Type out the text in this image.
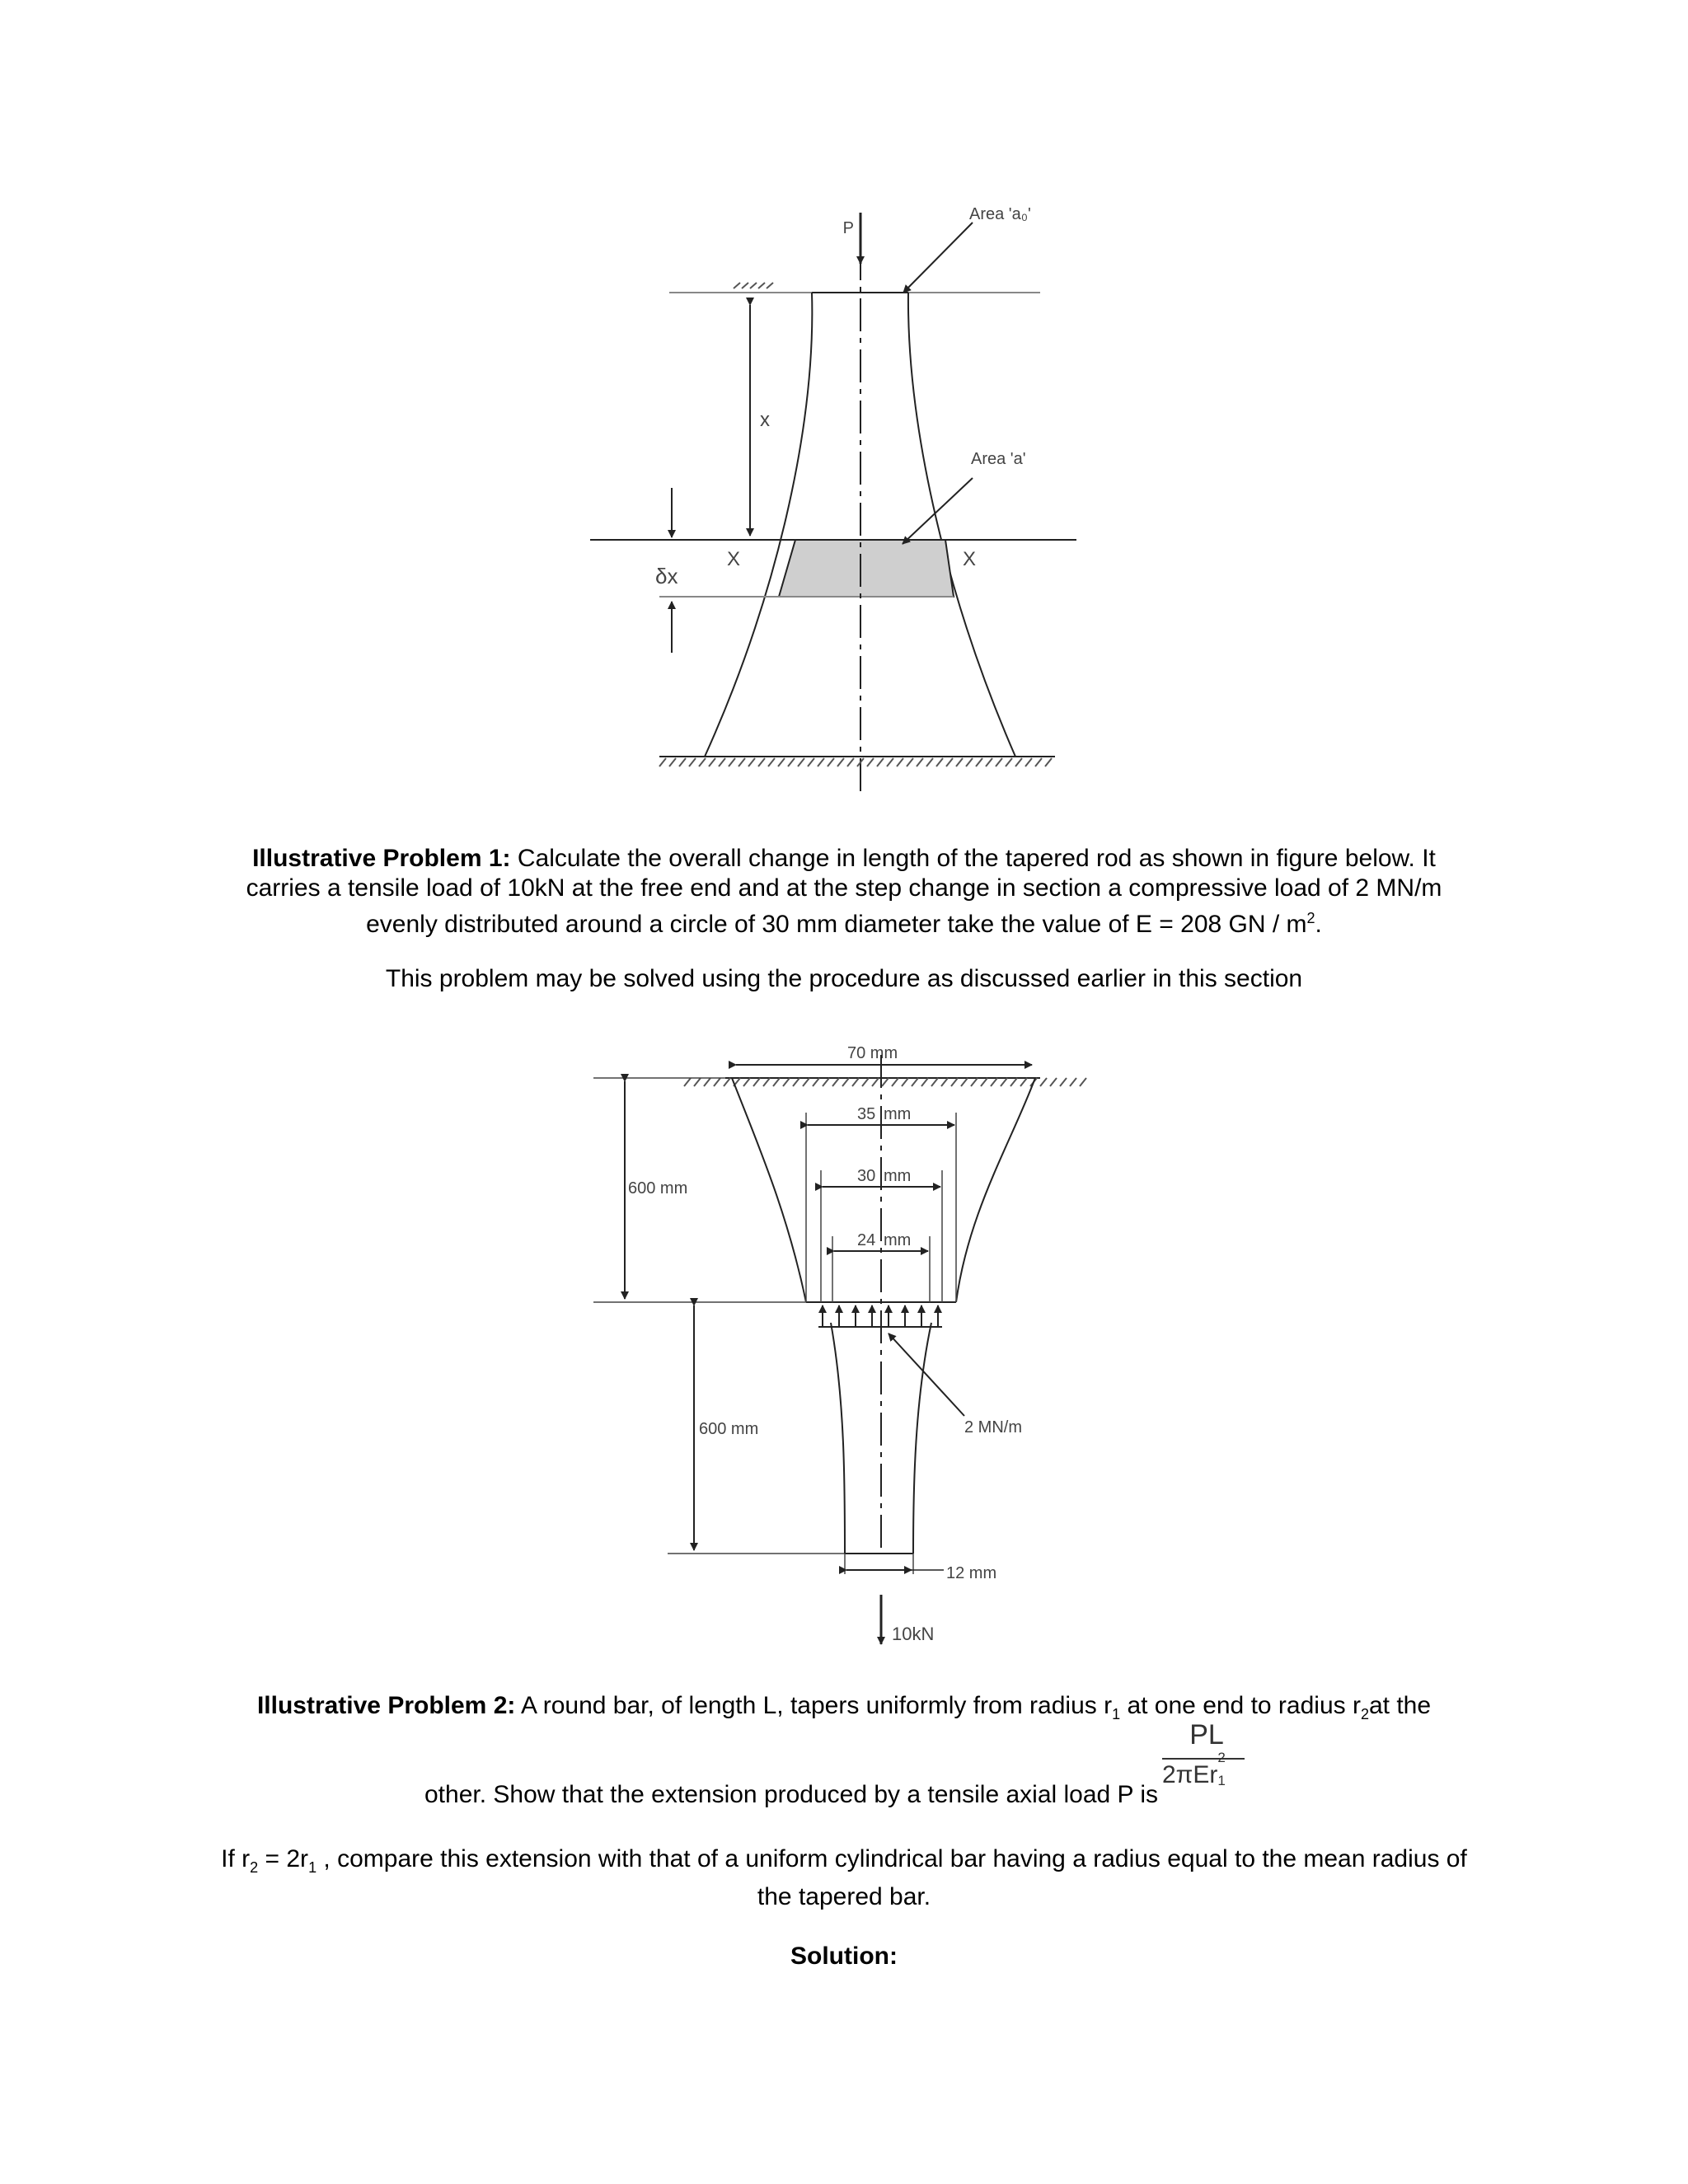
P
Area 'a₀'
Area 'a'
x
X	X
δx
Illustrative Problem 1: Calculate the overall change in length of the tapered rod as shown in figure below. It carries a tensile load of 10kN at the free end and at the step change in section a compressive load of 2 MN/m evenly distributed around a circle of 30 mm diameter take the value of E = 208 GN / $m^2$.
This problem may be solved using the procedure as discussed earlier in this section
70 mm
35 mm
30 mm
24 mm
600 mm
600 mm	2 MN/m
12 mm
10kN
Illustrative Problem 2: A round bar, of length L, tapers uniformly from radius $r_1$ at one end to radius $r_2at$ the
other. Show that the extension produced by a tensile axial load P is
PL
2πEr
2
1
If $r_2 = 2r_1$ , compare this extension with that of a uniform cylindrical bar having a radius equal to the mean radius of the tapered bar.
Solution:
